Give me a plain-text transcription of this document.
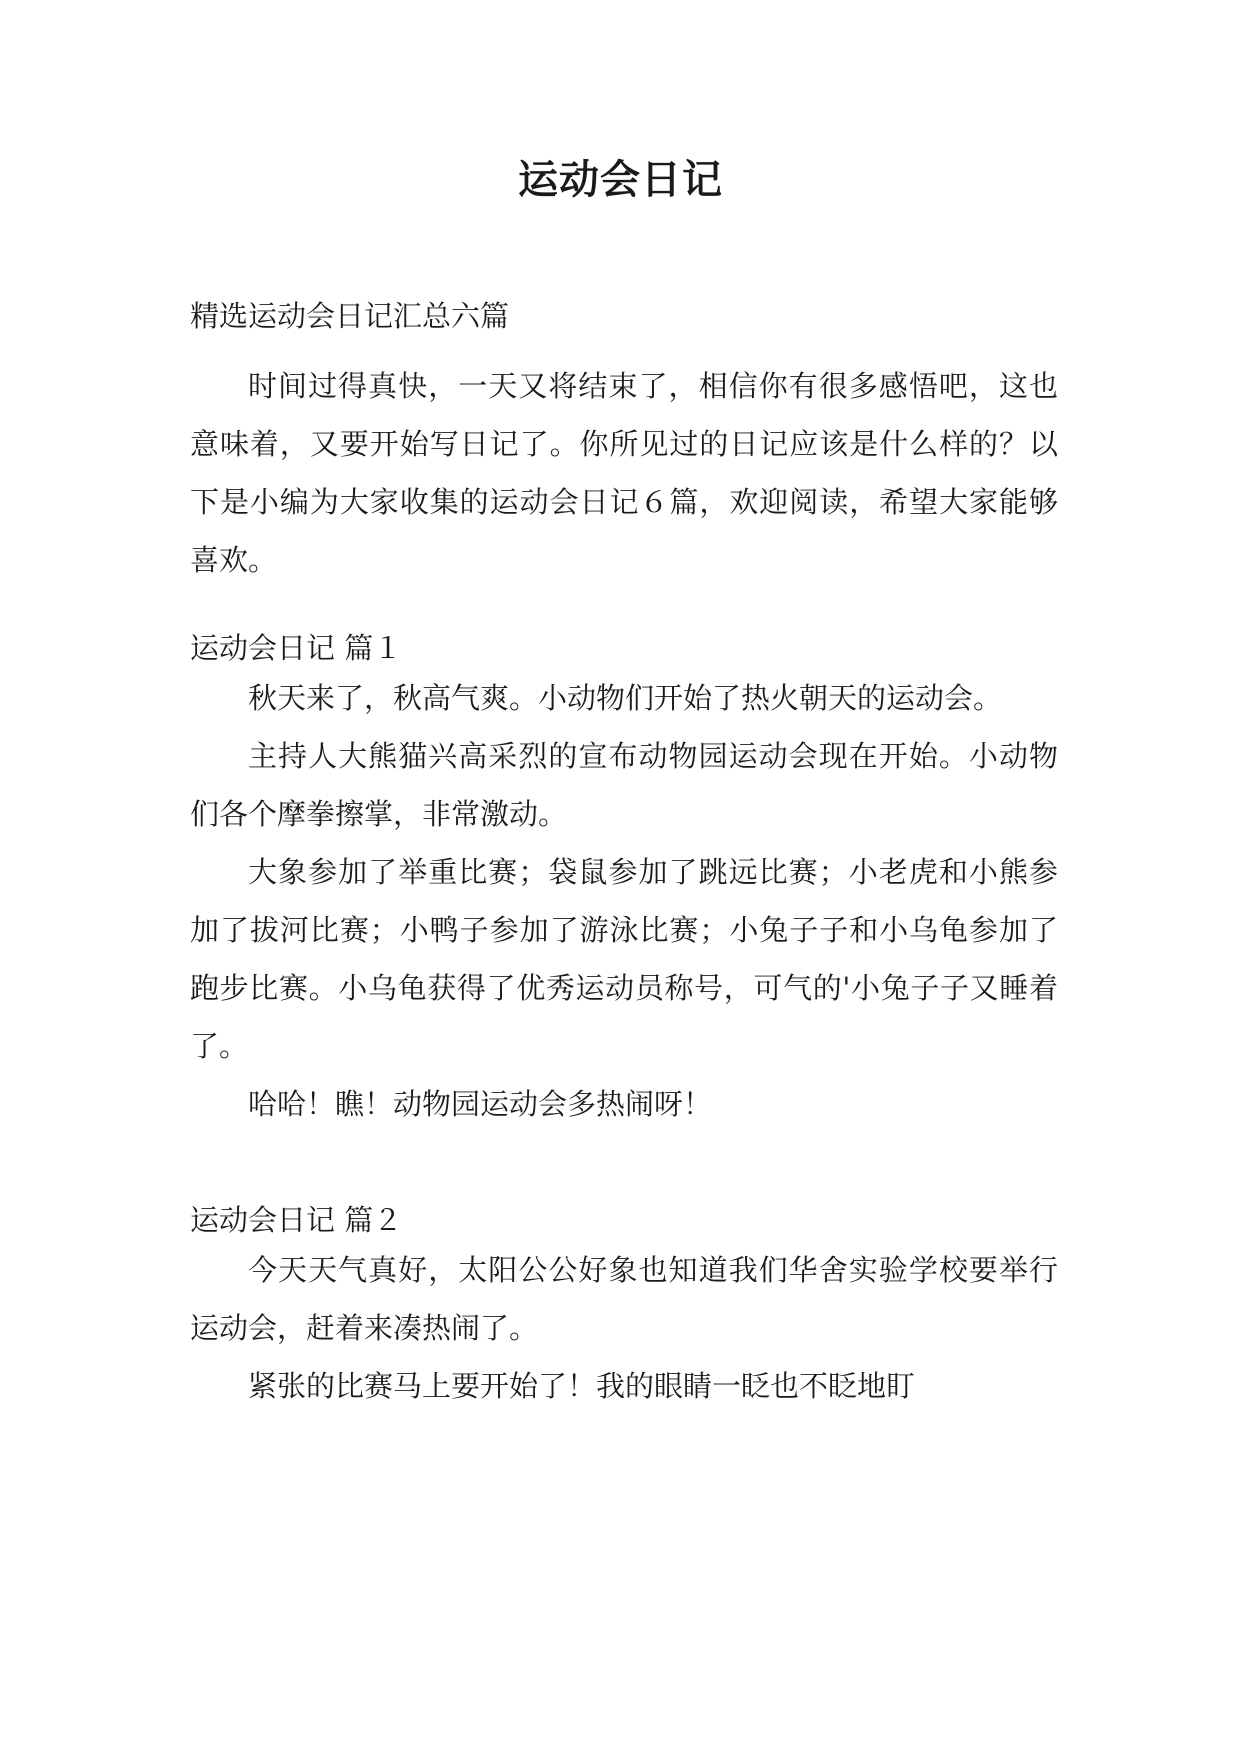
运动会日记

精选运动会日记汇总六篇

时间过得真快，一天又将结束了，相信你有很多感悟吧，这也意味着，又要开始写日记了。你所见过的日记应该是什么样的？以下是小编为大家收集的运动会日记６篇，欢迎阅读，希望大家能够喜欢。

运动会日记 篇１

秋天来了，秋高气爽。小动物们开始了热火朝天的运动会。

主持人大熊猫兴高采烈的宣布动物园运动会现在开始。小动物们各个摩拳擦掌，非常激动。

大象参加了举重比赛；袋鼠参加了跳远比赛；小老虎和小熊参加了拔河比赛；小鸭子参加了游泳比赛；小兔子子和小乌龟参加了跑步比赛。小乌龟获得了优秀运动员称号，可气的'小兔子子又睡着了。

哈哈！瞧！动物园运动会多热闹呀！

运动会日记 篇２

今天天气真好，太阳公公好象也知道我们华舍实验学校要举行运动会，赶着来凑热闹了。

紧张的比赛马上要开始了！我的眼睛一眨也不眨地盯
